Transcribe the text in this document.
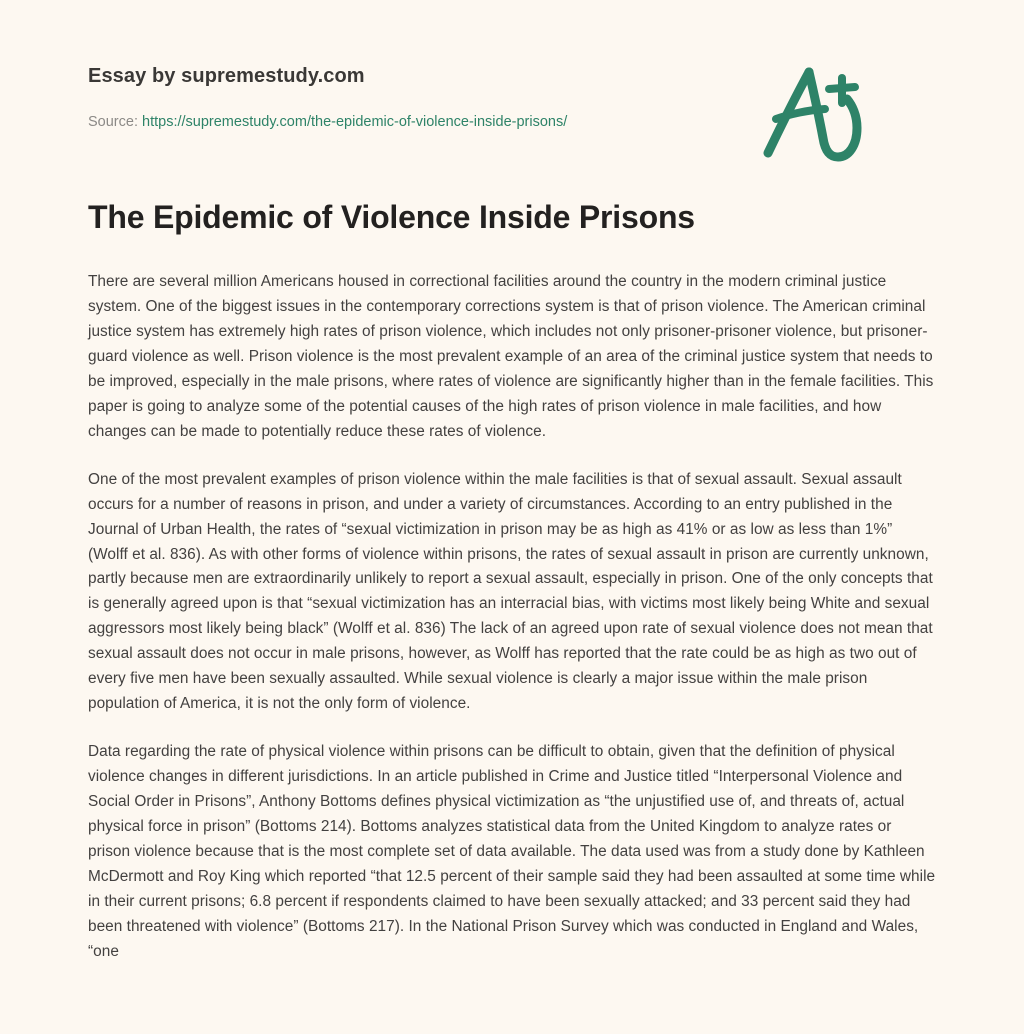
Essay by supremestudy.com
Source: https://supremestudy.com/the-epidemic-of-violence-inside-prisons/
The Epidemic of Violence Inside Prisons

There are several million Americans housed in correctional facilities around the country in the modern criminal justice system. One of the biggest issues in the contemporary corrections system is that of prison violence. The American criminal justice system has extremely high rates of prison violence, which includes not only prisoner-prisoner violence, but prisoner-guard violence as well. Prison violence is the most prevalent example of an area of the criminal justice system that needs to be improved, especially in the male prisons, where rates of violence are significantly higher than in the female facilities. This paper is going to analyze some of the potential causes of the high rates of prison violence in male facilities, and how changes can be made to potentially reduce these rates of violence.

One of the most prevalent examples of prison violence within the male facilities is that of sexual assault. Sexual assault occurs for a number of reasons in prison, and under a variety of circumstances. According to an entry published in the Journal of Urban Health, the rates of “sexual victimization in prison may be as high as 41% or as low as less than 1%” (Wolff et al. 836). As with other forms of violence within prisons, the rates of sexual assault in prison are currently unknown, partly because men are extraordinarily unlikely to report a sexual assault, especially in prison. One of the only concepts that is generally agreed upon is that “sexual victimization has an interracial bias, with victims most likely being White and sexual aggressors most likely being black” (Wolff et al. 836) The lack of an agreed upon rate of sexual violence does not mean that sexual assault does not occur in male prisons, however, as Wolff has reported that the rate could be as high as two out of every five men have been sexually assaulted. While sexual violence is clearly a major issue within the male prison population of America, it is not the only form of violence.

Data regarding the rate of physical violence within prisons can be difficult to obtain, given that the definition of physical violence changes in different jurisdictions. In an article published in Crime and Justice titled “Interpersonal Violence and Social Order in Prisons”, Anthony Bottoms defines physical victimization as “the unjustified use of, and threats of, actual physical force in prison” (Bottoms 214). Bottoms analyzes statistical data from the United Kingdom to analyze rates or prison violence because that is the most complete set of data available. The data used was from a study done by Kathleen McDermott and Roy King which reported “that 12.5 percent of their sample said they had been assaulted at some time while in their current prisons; 6.8 percent if respondents claimed to have been sexually attacked; and 33 percent said they had been threatened with violence” (Bottoms 217). In the National Prison Survey which was conducted in England and Wales, “one
